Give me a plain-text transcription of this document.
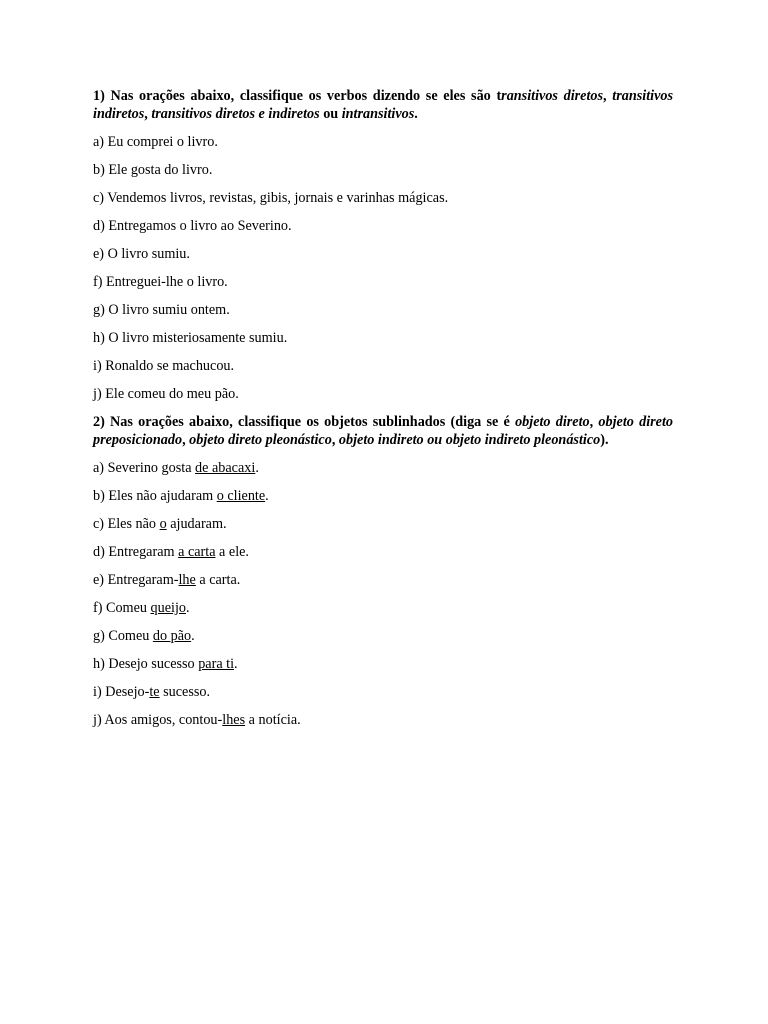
1) Nas orações abaixo, classifique os verbos dizendo se eles são transitivos diretos, transitivos indiretos, transitivos diretos e indiretos ou intransitivos.

a) Eu comprei o livro.

b) Ele gosta do livro.

c) Vendemos livros, revistas, gibis, jornais e varinhas mágicas.

d) Entregamos o livro ao Severino.

e) O livro sumiu.

f) Entreguei-lhe o livro.

g) O livro sumiu ontem.

h) O livro misteriosamente sumiu.

i) Ronaldo se machucou.

j) Ele comeu do meu pão.

2) Nas orações abaixo, classifique os objetos sublinhados (diga se é objeto direto, objeto direto preposicionado, objeto direto pleonástico, objeto indireto ou objeto indireto pleonástico).

a) Severino gosta de abacaxi.

b) Eles não ajudaram o cliente.

c) Eles não o ajudaram.

d) Entregaram a carta a ele.

e) Entregaram-lhe a carta.

f) Comeu queijo.

g) Comeu do pão.

h) Desejo sucesso para ti.

i) Desejo-te sucesso.

j) Aos amigos, contou-lhes a notícia.
